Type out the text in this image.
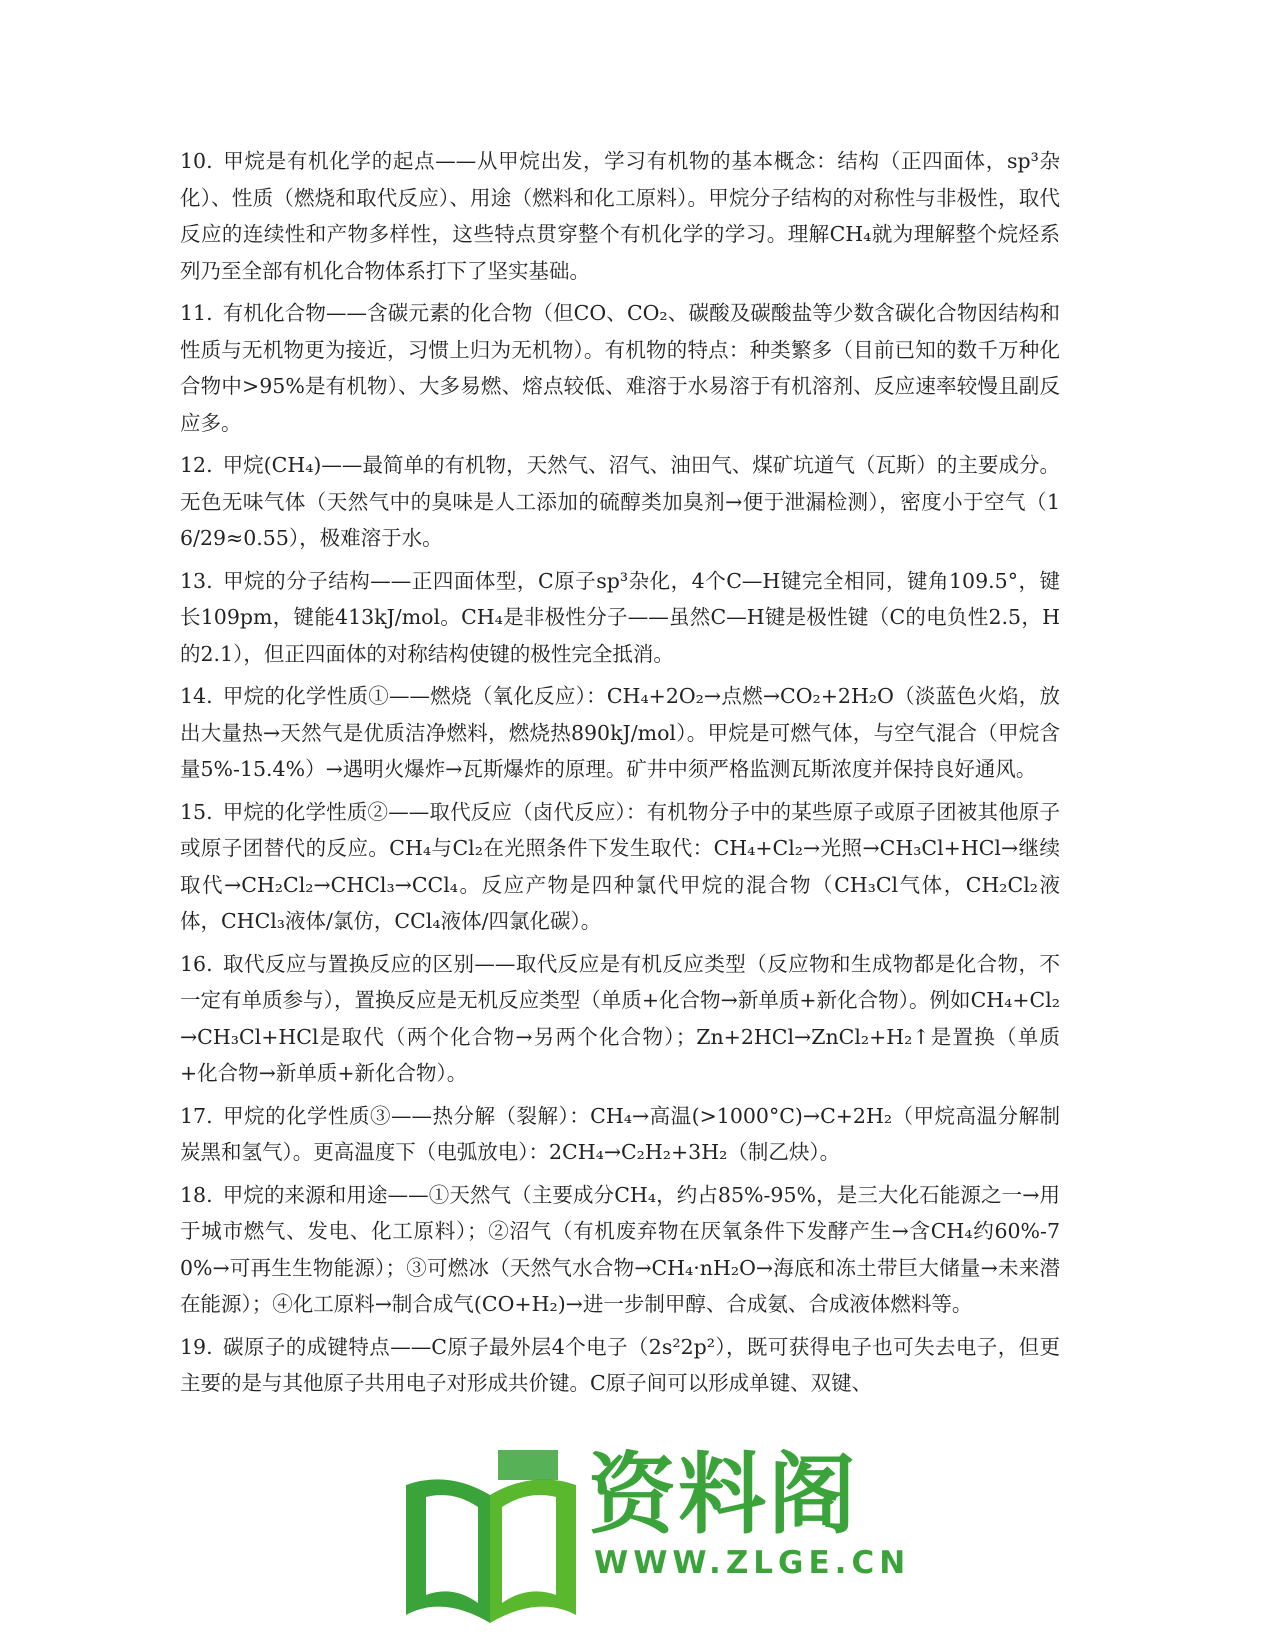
10. 甲烷是有机化学的起点——从甲烷出发，学习有机物的基本概念：结构（正四面体，sp³杂化）、性质（燃烧和取代反应）、用途（燃料和化工原料）。甲烷分子结构的对称性与非极性，取代反应的连续性和产物多样性，这些特点贯穿整个有机化学的学习。理解CH₄就为理解整个烷烃系列乃至全部有机化合物体系打下了坚实基础。

11. 有机化合物——含碳元素的化合物（但CO、CO₂、碳酸及碳酸盐等少数含碳化合物因结构和性质与无机物更为接近，习惯上归为无机物）。有机物的特点：种类繁多（目前已知的数千万种化合物中>95%是有机物）、大多易燃、熔点较低、难溶于水易溶于有机溶剂、反应速率较慢且副反应多。

12. 甲烷(CH₄)——最简单的有机物，天然气、沼气、油田气、煤矿坑道气（瓦斯）的主要成分。无色无味气体（天然气中的臭味是人工添加的硫醇类加臭剂→便于泄漏检测），密度小于空气（16/29≈0.55），极难溶于水。

13. 甲烷的分子结构——正四面体型，C原子sp³杂化，4个C—H键完全相同，键角109.5°，键长109pm，键能413kJ/mol。CH₄是非极性分子——虽然C—H键是极性键（C的电负性2.5，H的2.1），但正四面体的对称结构使键的极性完全抵消。

14. 甲烷的化学性质①——燃烧（氧化反应）：CH₄+2O₂→点燃→CO₂+2H₂O（淡蓝色火焰，放出大量热→天然气是优质洁净燃料，燃烧热890kJ/mol）。甲烷是可燃气体，与空气混合（甲烷含量5%-15.4%）→遇明火爆炸→瓦斯爆炸的原理。矿井中须严格监测瓦斯浓度并保持良好通风。

15. 甲烷的化学性质②——取代反应（卤代反应）：有机物分子中的某些原子或原子团被其他原子或原子团替代的反应。CH₄与Cl₂在光照条件下发生取代：CH₄+Cl₂→光照→CH₃Cl+HCl→继续取代→CH₂Cl₂→CHCl₃→CCl₄。反应产物是四种氯代甲烷的混合物（CH₃Cl气体，CH₂Cl₂液体，CHCl₃液体/氯仿，CCl₄液体/四氯化碳）。

16. 取代反应与置换反应的区别——取代反应是有机反应类型（反应物和生成物都是化合物，不一定有单质参与），置换反应是无机反应类型（单质+化合物→新单质+新化合物）。例如CH₄+Cl₂→CH₃Cl+HCl是取代（两个化合物→另两个化合物）；Zn+2HCl→ZnCl₂+H₂↑是置换（单质+化合物→新单质+新化合物）。

17. 甲烷的化学性质③——热分解（裂解）：CH₄→高温(>1000°C)→C+2H₂（甲烷高温分解制炭黑和氢气）。更高温度下（电弧放电）：2CH₄→C₂H₂+3H₂（制乙炔）。

18. 甲烷的来源和用途——①天然气（主要成分CH₄，约占85%-95%，是三大化石能源之一→用于城市燃气、发电、化工原料）；②沼气（有机废弃物在厌氧条件下发酵产生→含CH₄约60%-70%→可再生生物能源）；③可燃冰（天然气水合物→CH₄·nH₂O→海底和冻土带巨大储量→未来潜在能源）；④化工原料→制合成气(CO+H₂)→进一步制甲醇、合成氨、合成液体燃料等。

19. 碳原子的成键特点——C原子最外层4个电子（2s²2p²），既可获得电子也可失去电子，但更主要的是与其他原子共用电子对形成共价键。C原子间可以形成单键、双键、

资料阁
WWW.ZLGE.CN
